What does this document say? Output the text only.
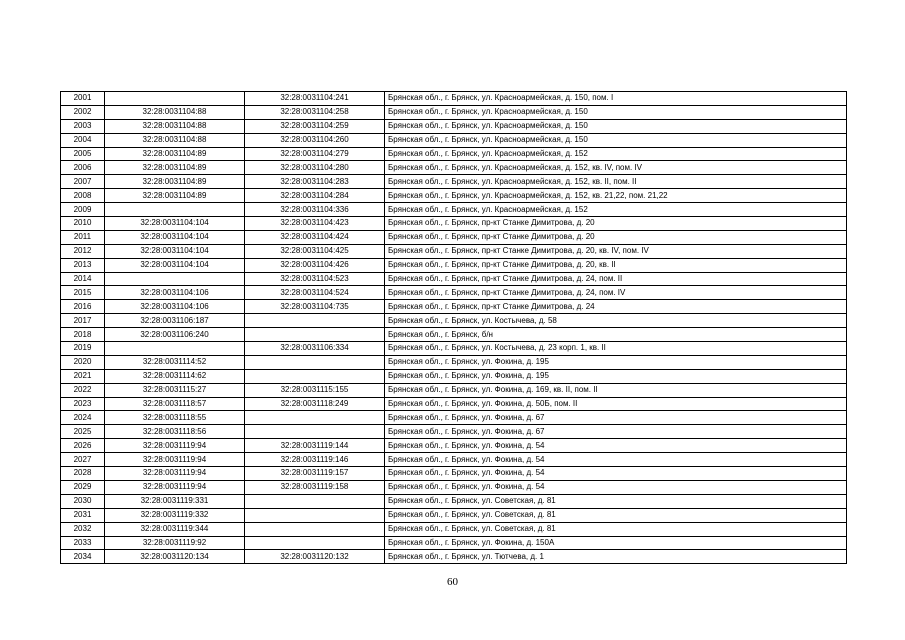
2001		32:28:0031104:241	Брянская обл., г. Брянск, ул. Красноармейская, д. 150, пом. I
2002	32:28:0031104:88	32:28:0031104:258	Брянская обл., г. Брянск, ул. Красноармейская, д. 150
2003	32:28:0031104:88	32:28:0031104:259	Брянская обл., г. Брянск, ул. Красноармейская, д. 150
2004	32:28:0031104:88	32:28:0031104:260	Брянская обл., г. Брянск, ул. Красноармейская, д. 150
2005	32:28:0031104:89	32:28:0031104:279	Брянская обл., г. Брянск, ул. Красноармейская, д. 152
2006	32:28:0031104:89	32:28:0031104:280	Брянская обл., г. Брянск, ул. Красноармейская, д. 152, кв. IV, пом. IV
2007	32:28:0031104:89	32:28:0031104:283	Брянская обл., г. Брянск, ул. Красноармейская, д. 152, кв. II, пом. II
2008	32:28:0031104:89	32:28:0031104:284	Брянская обл., г. Брянск, ул. Красноармейская, д. 152, кв. 21,22, пом. 21,22
2009		32:28:0031104:336	Брянская обл., г. Брянск, ул. Красноармейская, д. 152
2010	32:28:0031104:104	32:28:0031104:423	Брянская обл., г. Брянск, пр-кт Станке Димитрова, д. 20
2011	32:28:0031104:104	32:28:0031104:424	Брянская обл., г. Брянск, пр-кт Станке Димитрова, д. 20
2012	32:28:0031104:104	32:28:0031104:425	Брянская обл., г. Брянск, пр-кт Станке Димитрова, д. 20, кв. IV, пом. IV
2013	32:28:0031104:104	32:28:0031104:426	Брянская обл., г. Брянск, пр-кт Станке Димитрова, д. 20, кв. II
2014		32:28:0031104:523	Брянская обл., г. Брянск, пр-кт Станке Димитрова, д. 24, пом. II
2015	32:28:0031104:106	32:28:0031104:524	Брянская обл., г. Брянск, пр-кт Станке Димитрова, д. 24, пом. IV
2016	32:28:0031104:106	32:28:0031104:735	Брянская обл., г. Брянск, пр-кт Станке Димитрова, д. 24
2017	32:28:0031106:187		Брянская обл., г. Брянск, ул. Костычева, д. 58
2018	32:28:0031106:240		Брянская обл., г. Брянск, б/н
2019		32:28:0031106:334	Брянская обл., г. Брянск, ул. Костычева, д. 23 корп. 1, кв. II
2020	32:28:0031114:52		Брянская обл., г. Брянск, ул. Фокина, д. 195
2021	32:28:0031114:62		Брянская обл., г. Брянск, ул. Фокина, д. 195
2022	32:28:0031115:27	32:28:0031115:155	Брянская обл., г. Брянск, ул. Фокина, д. 169, кв. II, пом. II
2023	32:28:0031118:57	32:28:0031118:249	Брянская обл., г. Брянск, ул. Фокина, д. 50Б, пом. II
2024	32:28:0031118:55		Брянская обл., г. Брянск, ул. Фокина, д. 67
2025	32:28:0031118:56		Брянская обл., г. Брянск, ул. Фокина, д. 67
2026	32:28:0031119:94	32:28:0031119:144	Брянская обл., г. Брянск, ул. Фокина, д. 54
2027	32:28:0031119:94	32:28:0031119:146	Брянская обл., г. Брянск, ул. Фокина, д. 54
2028	32:28:0031119:94	32:28:0031119:157	Брянская обл., г. Брянск, ул. Фокина, д. 54
2029	32:28:0031119:94	32:28:0031119:158	Брянская обл., г. Брянск, ул. Фокина, д. 54
2030	32:28:0031119:331		Брянская обл., г. Брянск, ул. Советская, д. 81
2031	32:28:0031119:332		Брянская обл., г. Брянск, ул. Советская, д. 81
2032	32:28:0031119:344		Брянская обл., г. Брянск, ул. Советская, д. 81
2033	32:28:0031119:92		Брянская обл., г. Брянск, ул. Фокина, д. 150А
2034	32:28:0031120:134	32:28:0031120:132	Брянская обл., г. Брянск, ул. Тютчева, д. 1
60
